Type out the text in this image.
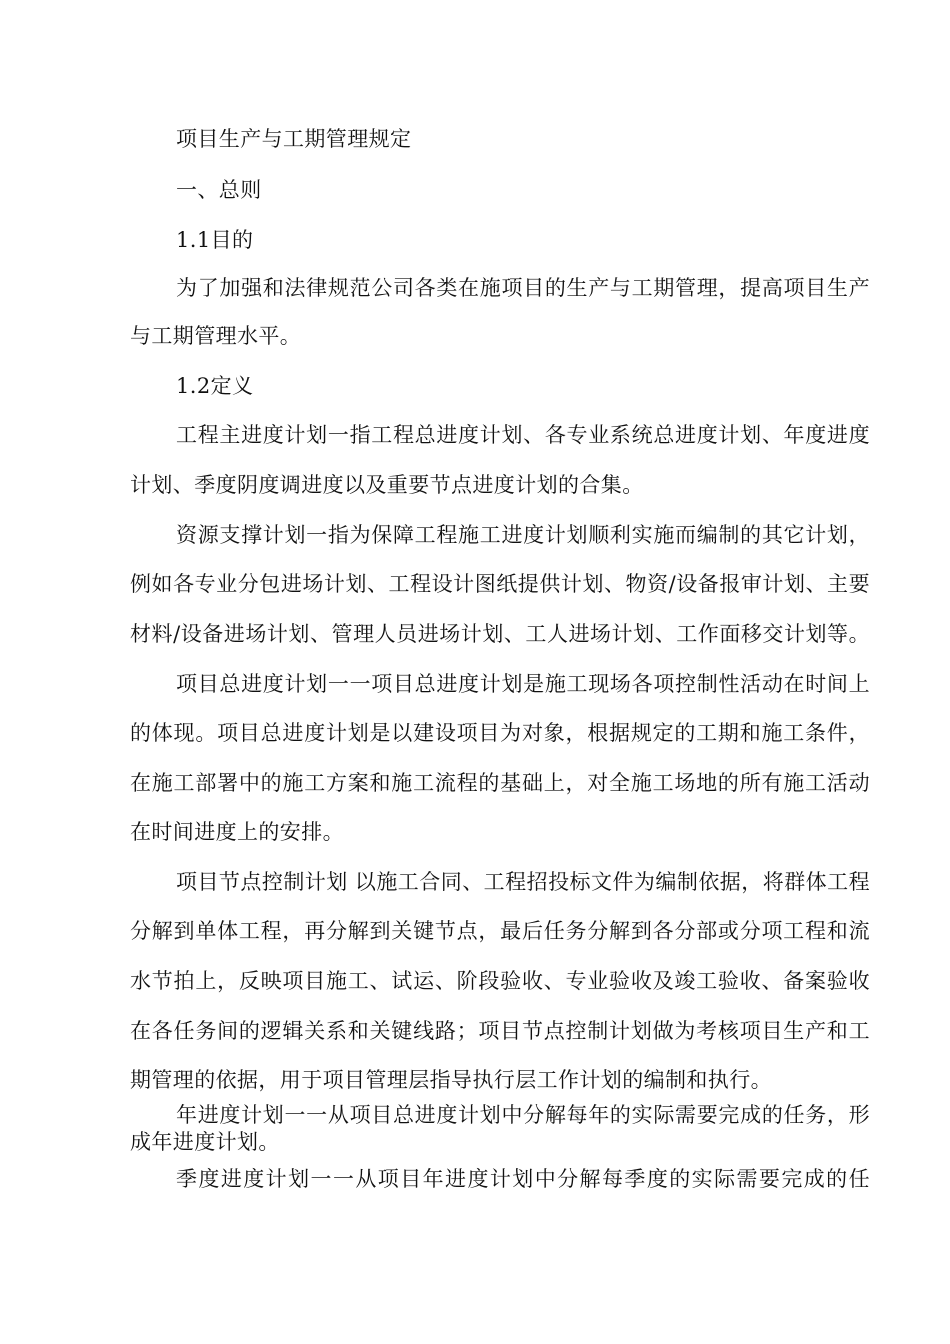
项目生产与工期管理规定
一、总则
1.1目的
为了加强和法律规范公司各类在施项目的生产与工期管理，提高项目生产
与工期管理水平。
1.2定义
工程主进度计划一指工程总进度计划、各专业系统总进度计划、年度进度
计划、季度阴度调进度以及重要节点进度计划的合集。
资源支撑计划一指为保障工程施工进度计划顺利实施而编制的其它计划，
例如各专业分包进场计划、工程设计图纸提供计划、物资/设备报审计划、主要
材料/设备进场计划、管理人员进场计划、工人进场计划、工作面移交计划等。
项目总进度计划一一项目总进度计划是施工现场各项控制性活动在时间上
的体现。项目总进度计划是以建设项目为对象，根据规定的工期和施工条件，
在施工部署中的施工方案和施工流程的基础上，对全施工场地的所有施工活动
在时间进度上的安排。
项目节点控制计划 以施工合同、工程招投标文件为编制依据，将群体工程
分解到单体工程，再分解到关键节点，最后任务分解到各分部或分项工程和流
水节拍上，反映项目施工、试运、阶段验收、专业验收及竣工验收、备案验收
在各任务间的逻辑关系和关键线路；项目节点控制计划做为考核项目生产和工
期管理的依据，用于项目管理层指导执行层工作计划的编制和执行。
年进度计划一一从项目总进度计划中分解每年的实际需要完成的任务，形
成年进度计划。
季度进度计划一一从项目年进度计划中分解每季度的实际需要完成的任
